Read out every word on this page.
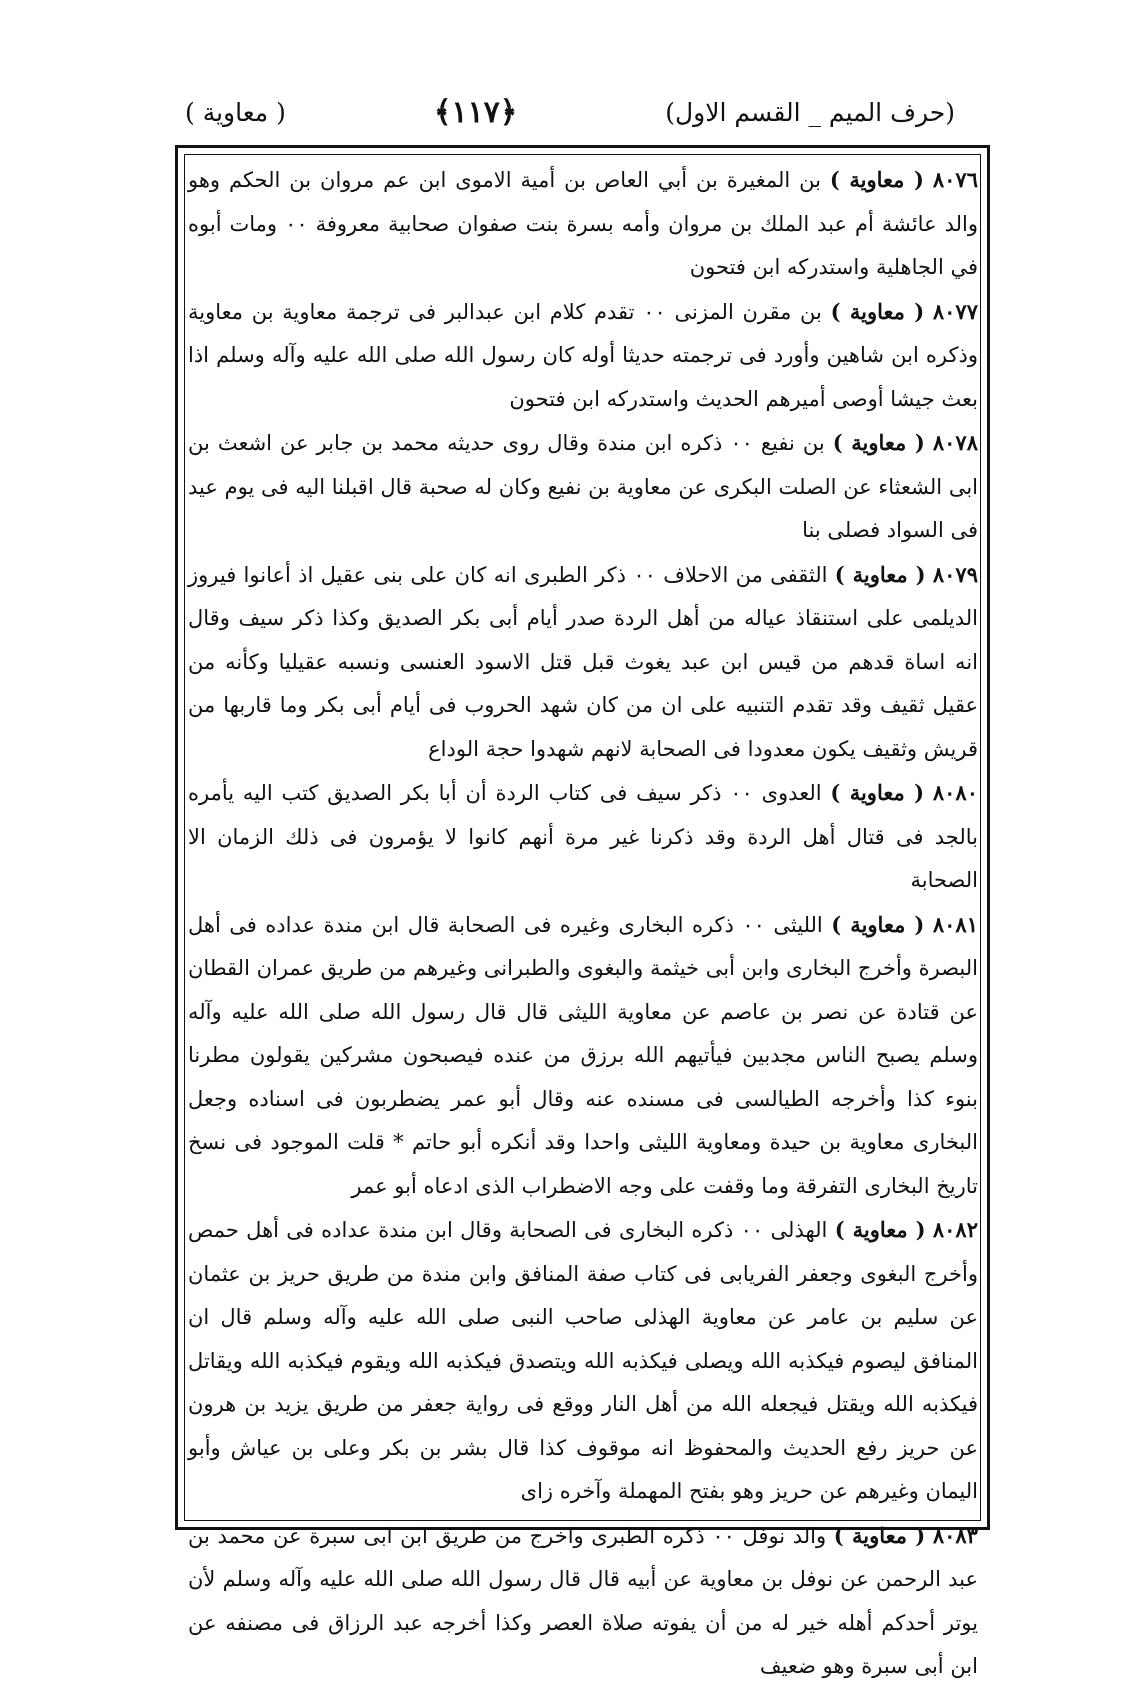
(حرف الميم _ القسم الاول)
﴿١١٧﴾
( معاوية )

٨٠٧٦ ( معاوية ) بن المغيرة بن أبي العاص بن أمية الاموى ابن عم مروان بن الحكم وهو والد عائشة أم عبد الملك بن مروان وأمه بسرة بنت صفوان صحابية معروفة ٠٠ ومات أبوه في الجاهلية واستدركه ابن فتحون

٨٠٧٧ ( معاوية ) بن مقرن المزنى ٠٠ تقدم كلام ابن عبدالبر فى ترجمة معاوية بن معاوية وذكره ابن شاهين وأورد فى ترجمته حديثا أوله كان رسول الله صلى الله عليه وآله وسلم اذا بعث جيشا أوصى أميرهم الحديث واستدركه ابن فتحون

٨٠٧٨ ( معاوية ) بن نفيع ٠٠ ذكره ابن مندة وقال روى حديثه محمد بن جابر عن اشعث بن ابى الشعثاء عن الصلت البكرى عن معاوية بن نفيع وكان له صحبة قال اقبلنا اليه فى يوم عيد فى السواد فصلى بنا

٨٠٧٩ ( معاوية ) الثقفى من الاحلاف ٠٠ ذكر الطبرى انه كان على بنى عقيل اذ أعانوا فيروز الديلمى على استنقاذ عياله من أهل الردة صدر أيام أبى بكر الصديق وكذا ذكر سيف وقال انه اساة قدهم من قيس ابن عبد يغوث قبل قتل الاسود العنسى ونسبه عقيليا وكأنه من عقيل ثقيف وقد تقدم التنبيه على ان من كان شهد الحروب فى أيام أبى بكر وما قاربها من قريش وثقيف يكون معدودا فى الصحابة لانهم شهدوا حجة الوداع

٨٠٨٠ ( معاوية ) العدوى ٠٠ ذكر سيف فى كتاب الردة أن أبا بكر الصديق كتب اليه يأمره بالجد فى قتال أهل الردة وقد ذكرنا غير مرة أنهم كانوا لا يؤمرون فى ذلك الزمان الا الصحابة

٨٠٨١ ( معاوية ) الليثى ٠٠ ذكره البخارى وغيره فى الصحابة قال ابن مندة عداده فى أهل البصرة وأخرج البخارى وابن أبى خيثمة والبغوى والطبرانى وغيرهم من طريق عمران القطان عن قتادة عن نصر بن عاصم عن معاوية الليثى قال قال رسول الله صلى الله عليه وآله وسلم يصبح الناس مجدبين فيأتيهم الله برزق من عنده فيصبحون مشركين يقولون مطرنا بنوء كذا وأخرجه الطيالسى فى مسنده عنه وقال أبو عمر يضطربون فى اسناده وجعل البخارى معاوية بن حيدة ومعاوية الليثى واحدا وقد أنكره أبو حاتم * قلت الموجود فى نسخ تاريخ البخارى التفرقة وما وقفت على وجه الاضطراب الذى ادعاه أبو عمر

٨٠٨٢ ( معاوية ) الهذلى ٠٠ ذكره البخارى فى الصحابة وقال ابن مندة عداده فى أهل حمص وأخرج البغوى وجعفر الفريابى فى كتاب صفة المنافق وابن مندة من طريق حريز بن عثمان عن سليم بن عامر عن معاوية الهذلى صاحب النبى صلى الله عليه وآله وسلم قال ان المنافق ليصوم فيكذبه الله ويصلى فيكذبه الله ويتصدق فيكذبه الله ويقوم فيكذبه الله ويقاتل فيكذبه الله ويقتل فيجعله الله من أهل النار ووقع فى رواية جعفر من طريق يزيد بن هرون عن حريز رفع الحديث والمحفوظ انه موقوف كذا قال بشر بن بكر وعلى بن عياش وأبو اليمان وغيرهم عن حريز وهو بفتح المهملة وآخره زاى

٨٠٨٣ ( معاوية ) والد نوفل ٠٠ ذكره الطبرى واخرج من طريق ابن ابى سبرة عن محمد بن عبد الرحمن عن نوفل بن معاوية عن أبيه قال قال رسول الله صلى الله عليه وآله وسلم لأن يوتر أحدكم أهله خير له من أن يفوته صلاة العصر وكذا أخرجه عبد الرزاق فى مصنفه عن ابن أبى سبرة وهو ضعيف
